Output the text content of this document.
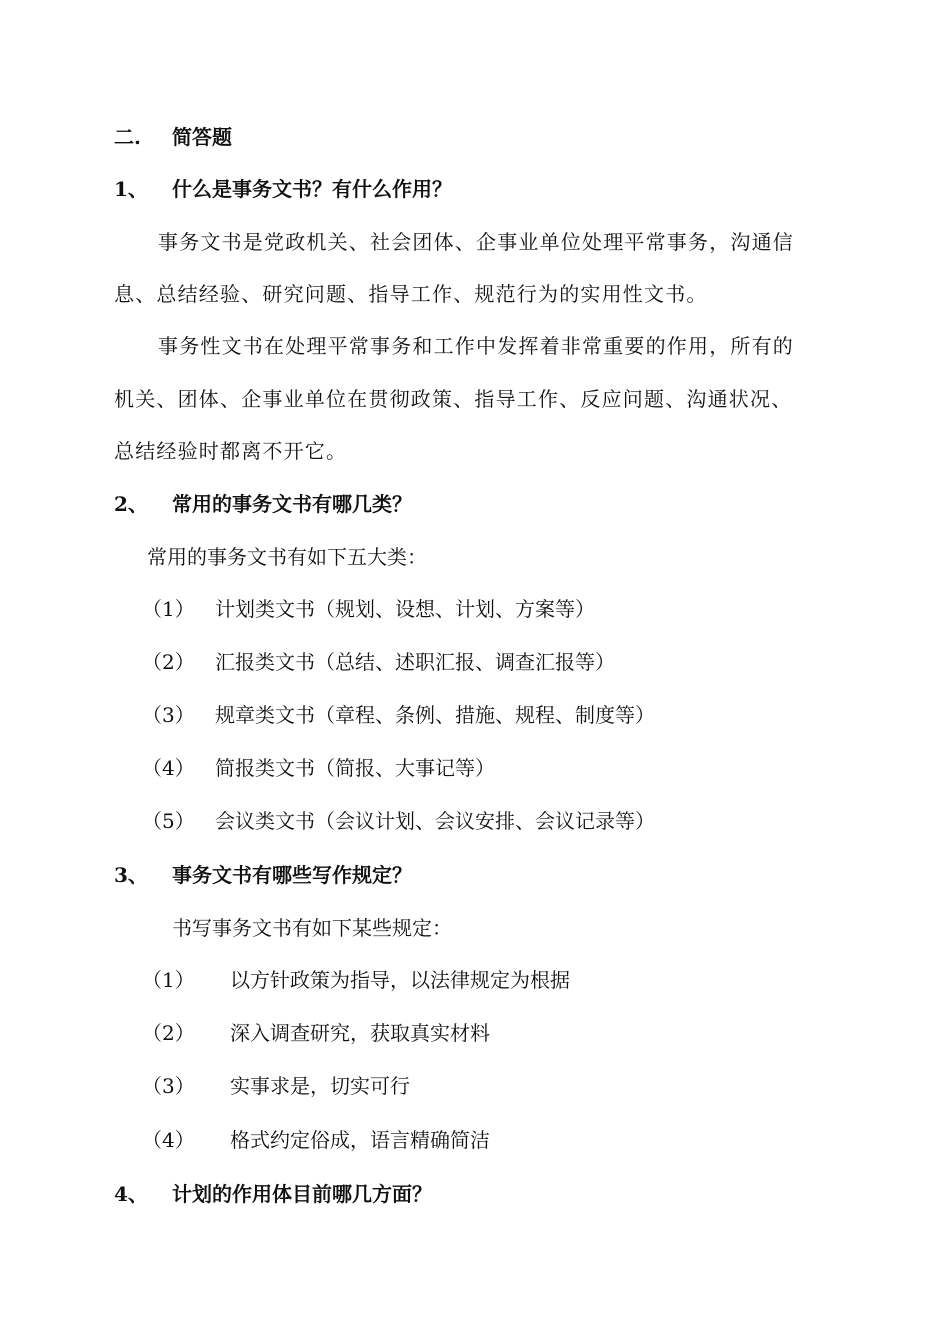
二. 简答题
1、 什么是事务文书？有什么作用？
事务文书是党政机关、社会团体、企事业单位处理平常事务，沟通信
息、总结经验、研究问题、指导工作、规范行为的实用性文书。
事务性文书在处理平常事务和工作中发挥着非常重要的作用，所有的
机关、团体、企事业单位在贯彻政策、指导工作、反应问题、沟通状况、
总结经验时都离不开它。
2、 常用的事务文书有哪几类？
常用的事务文书有如下五大类：
（1） 计划类文书（规划、设想、计划、方案等）
（2） 汇报类文书（总结、述职汇报、调查汇报等）
（3） 规章类文书（章程、条例、措施、规程、制度等）
（4） 简报类文书（简报、大事记等）
（5） 会议类文书（会议计划、会议安排、会议记录等）
3、 事务文书有哪些写作规定？
书写事务文书有如下某些规定：
（1） 以方针政策为指导，以法律规定为根据
（2） 深入调查研究，获取真实材料
（3） 实事求是，切实可行
（4） 格式约定俗成，语言精确简洁
4、 计划的作用体目前哪几方面？
